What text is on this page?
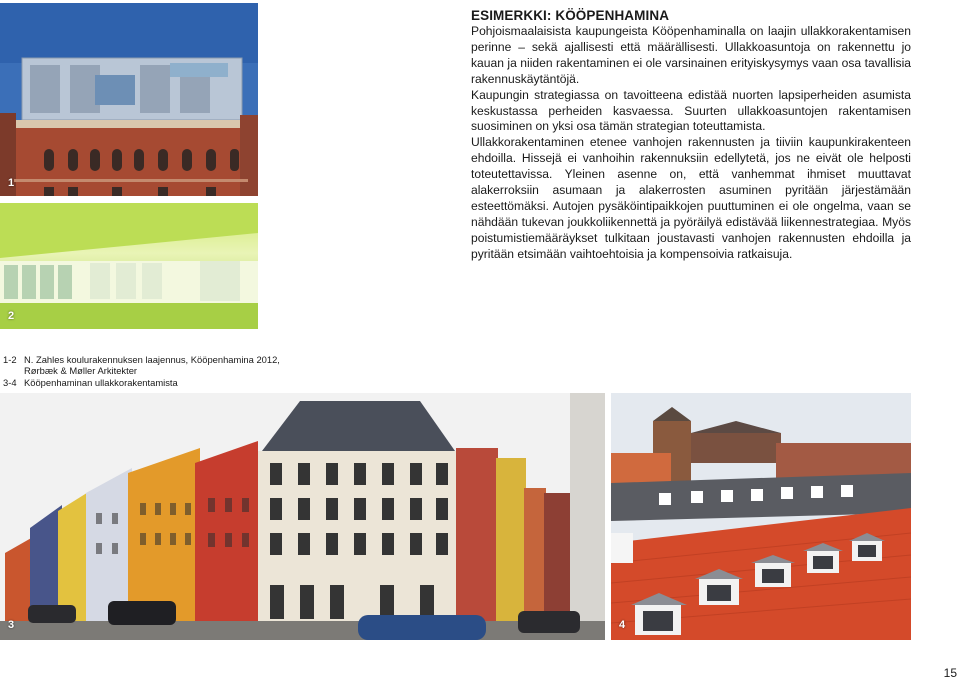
1
2
1-2 N. Zahles koulurakennuksen laajennus, Kööpenhamina 2012,
Rørbæk & Møller Arkitekter
3-4 Kööpenhaminan ullakkorakentamista
ESIMERKKI: KÖÖPENHAMINA

Pohjoismaalaisista kaupungeista Kööpenhaminalla on laajin ullakkorakentamisen perinne – sekä ajallisesti että määrällisesti. Ullakkoasuntoja on rakennettu jo kauan ja niiden rakentaminen ei ole varsinainen erityiskysymys vaan osa tavallisia rakennuskäytäntöjä.

Kaupungin strategiassa on tavoitteena edistää nuorten lapsiperheiden asumista keskustassa perheiden kasvaessa. Suurten ullakkoasuntojen rakentamisen suosiminen on yksi osa tämän strategian toteuttamista.

Ullakkorakentaminen etenee vanhojen rakennusten ja tiiviin kaupunkirakenteen ehdoilla. Hissejä ei vanhoihin rakennuksiin edellytetä, jos ne eivät ole helposti toteutettavissa. Yleinen asenne on, että vanhemmat ihmiset muuttavat alakerroksiin asumaan ja alakerrosten asuminen pyritään järjestämään esteettömäksi. Autojen pysäköintipaikkojen puuttuminen ei ole ongelma, vaan se nähdään tukevan joukkoliikennettä ja pyöräilyä edistävää liikennestrategiaa. Myös poistumistiemääräykset tulkitaan joustavasti vanhojen rakennusten ehdoilla ja pyritään etsimään vaihtoehtoisia ja kompensoivia ratkaisuja.

3	4
15
